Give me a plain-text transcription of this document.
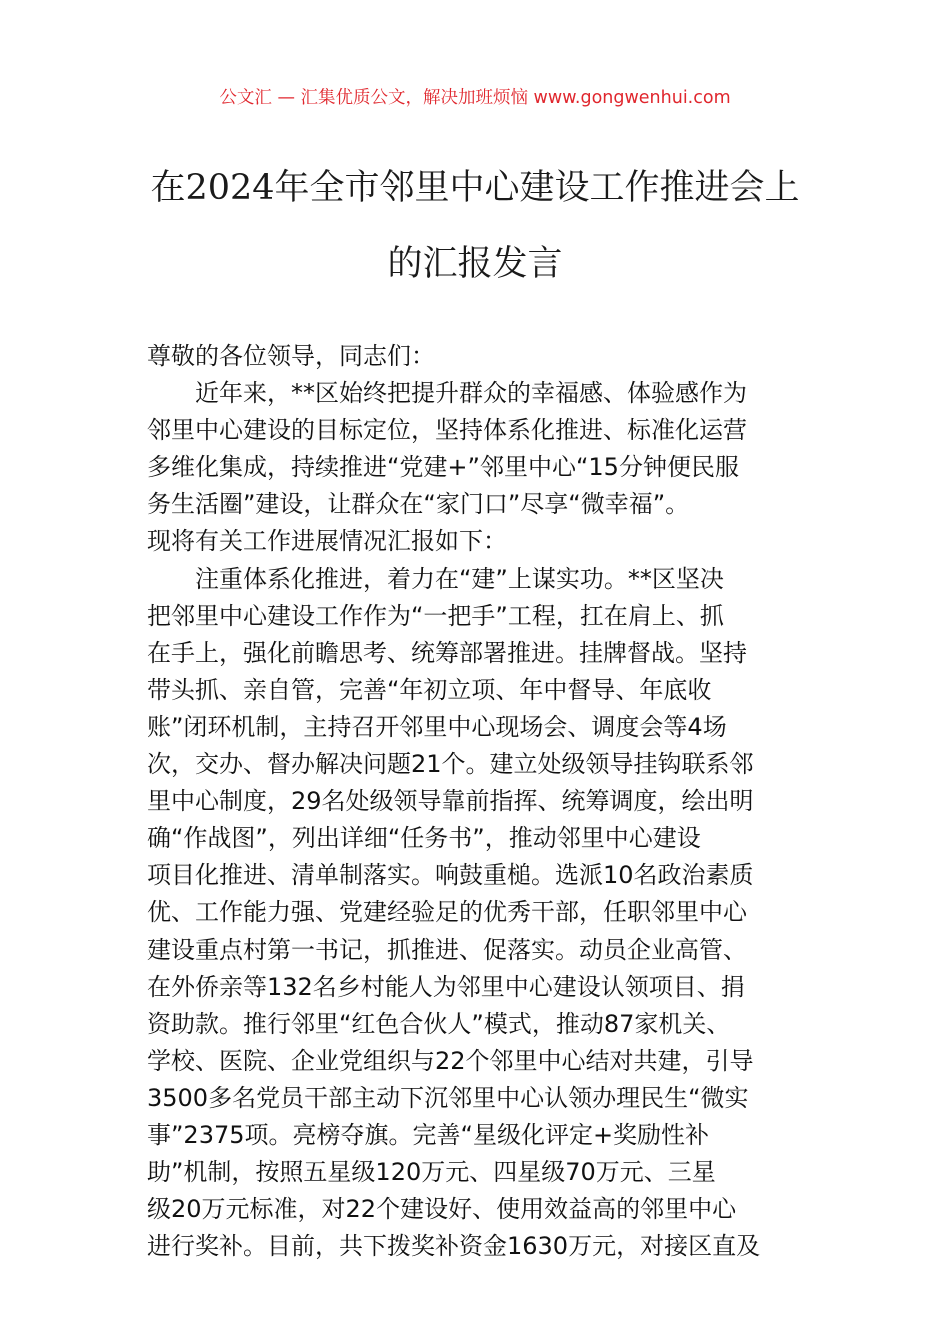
公文汇 — 汇集优质公文，解决加班烦恼 www.gongwenhui.com
在2024年全市邻里中心建设工作推进会上
的汇报发言
尊敬的各位领导，同志们：
近年来，**区始终把提升群众的幸福感、体验感作为
邻里中心建设的目标定位，坚持体系化推进、标准化运营
多维化集成，持续推进“党建+”邻里中心“15分钟便民服
务生活圈”建设，让群众在“家门口”尽享“微幸福”。
现将有关工作进展情况汇报如下：
注重体系化推进，着力在“建”上谋实功。**区坚决
把邻里中心建设工作作为“一把手”工程，扛在肩上、抓
在手上，强化前瞻思考、统筹部署推进。挂牌督战。坚持
带头抓、亲自管，完善“年初立项、年中督导、年底收
账”闭环机制，主持召开邻里中心现场会、调度会等4场
次，交办、督办解决问题21个。建立处级领导挂钩联系邻
里中心制度，29名处级领导靠前指挥、统筹调度，绘出明
确“作战图”，列出详细“任务书”，推动邻里中心建设
项目化推进、清单制落实。响鼓重槌。选派10名政治素质
优、工作能力强、党建经验足的优秀干部，任职邻里中心
建设重点村第一书记，抓推进、促落实。动员企业高管、
在外侨亲等132名乡村能人为邻里中心建设认领项目、捐
资助款。推行邻里“红色合伙人”模式，推动87家机关、
学校、医院、企业党组织与22个邻里中心结对共建，引导
3500多名党员干部主动下沉邻里中心认领办理民生“微实
事”2375项。亮榜夺旗。完善“星级化评定+奖励性补
助”机制，按照五星级120万元、四星级70万元、三星
级20万元标准，对22个建设好、使用效益高的邻里中心
进行奖补。目前，共下拨奖补资金1630万元，对接区直及
